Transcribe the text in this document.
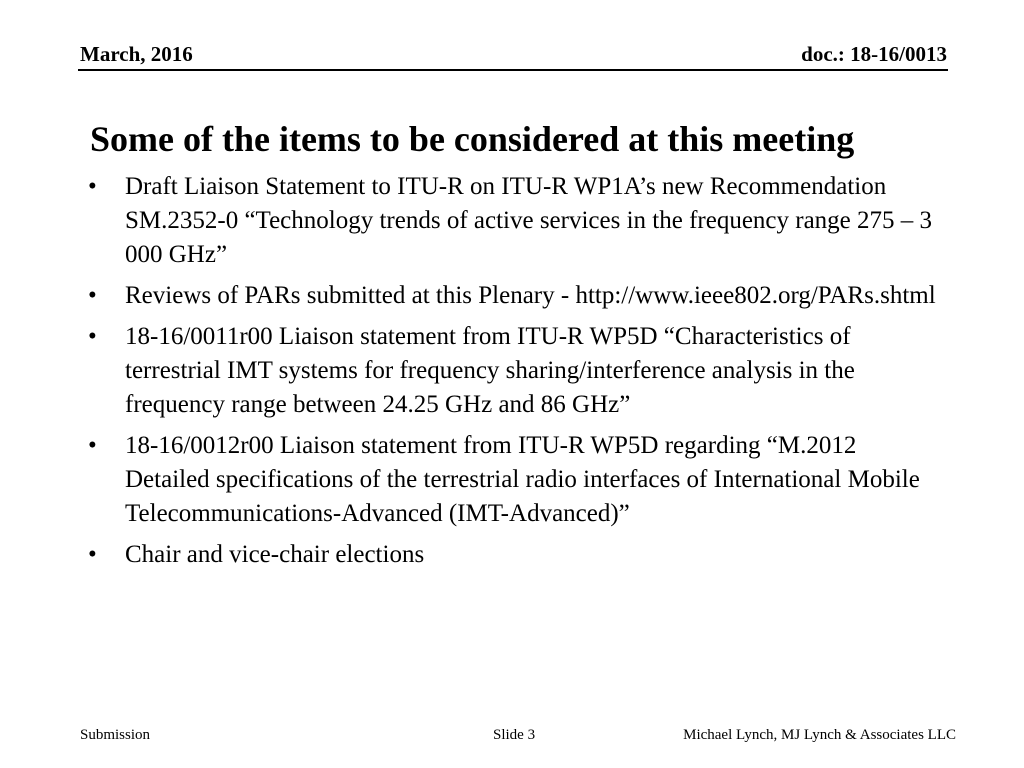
March, 2016	doc.: 18-16/0013
Some of the items to be considered at this meeting
• Draft Liaison Statement to ITU-R on ITU-R WP1A’s new Recommendation SM.2352-0 “Technology trends of active services in the frequency range 275 – 3 000 GHz”
• Reviews of PARs submitted at this Plenary - http://www.ieee802.org/PARs.shtml
• 18-16/0011r00 Liaison statement from ITU-R WP5D “Characteristics of terrestrial IMT systems for frequency sharing/interference analysis in the frequency range between 24.25 GHz and 86 GHz”
• 18-16/0012r00 Liaison statement from ITU-R WP5D regarding “M.2012 Detailed specifications of the terrestrial radio interfaces of International Mobile Telecommunications-Advanced (IMT-Advanced)”
• Chair and vice-chair elections
Submission	Slide 3	Michael Lynch, MJ Lynch & Associates LLC
